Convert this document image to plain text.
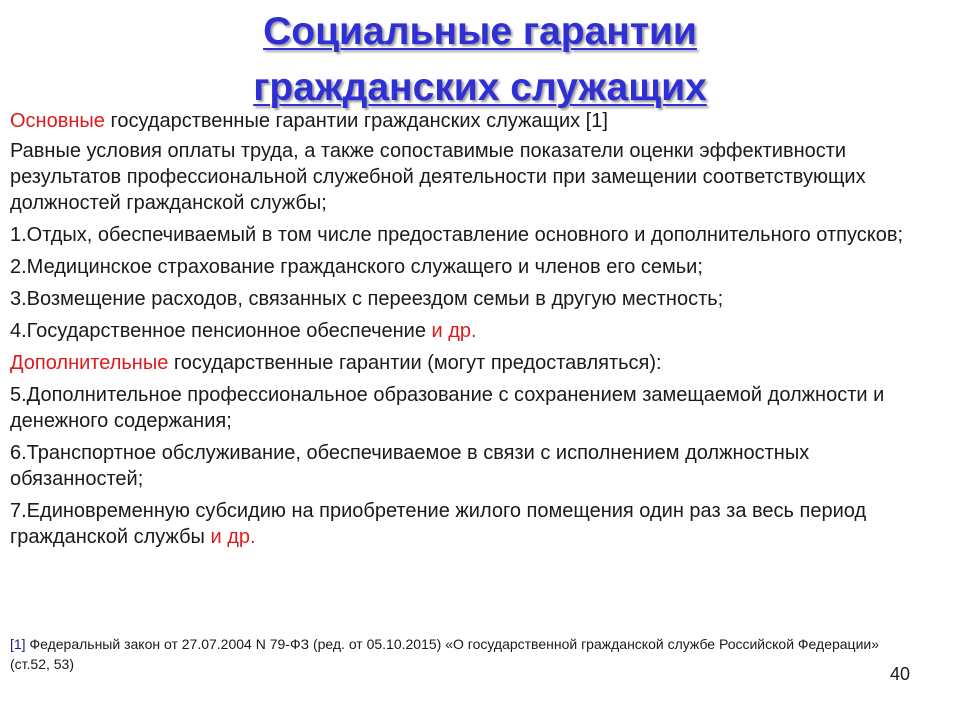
Социальные гарантии
гражданских служащих

Основные государственные гарантии гражданских служащих [1]

Равные условия оплаты труда, а также сопоставимые показатели оценки эффективности результатов профессиональной служебной деятельности при замещении соответствующих должностей гражданской службы;

1.Отдых, обеспечиваемый в том числе предоставление основного и дополнительного отпусков;

2.Медицинское страхование гражданского служащего и членов его семьи;

3.Возмещение расходов, связанных с переездом семьи в другую местность;

4.Государственное пенсионное обеспечение и др.

Дополнительные государственные гарантии (могут предоставляться):

5.Дополнительное профессиональное образование с сохранением замещаемой должности и денежного содержания;

6.Транспортное обслуживание, обеспечиваемое в связи с исполнением должностных обязанностей;

7.Единовременную субсидию на приобретение жилого помещения один раз за весь период гражданской службы и др.

[1] Федеральный закон от 27.07.2004 N 79-ФЗ (ред. от 05.10.2015) «О государственной гражданской службе Российской Федерации» (ст.52, 53)	40
